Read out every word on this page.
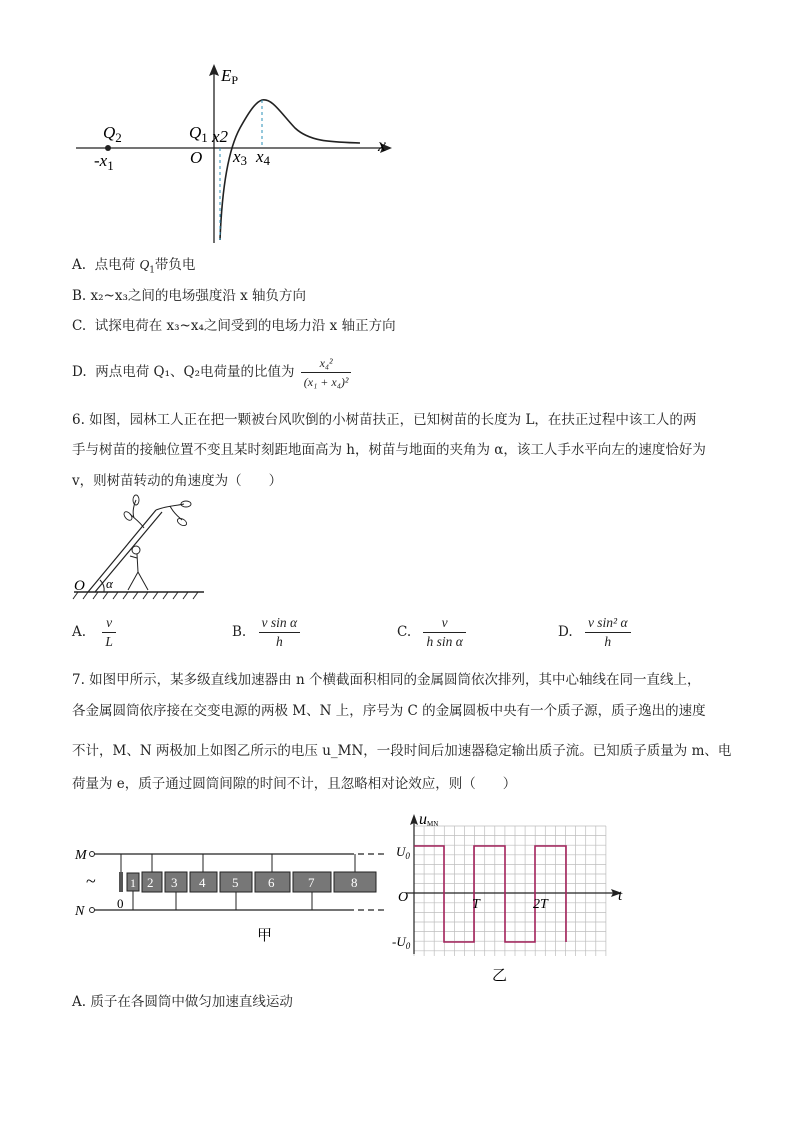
EP
x
$Q_2$
$-x_1$
$Q_1$ x2
O x3 x4
A. 点电荷 $Q_1$带负电
B. x₂~x₃之间的电场强度沿 x 轴负方向
C. 试探电荷在 x₃~x₄之间受到的电场力沿 x 轴正方向
D. 两点电荷 Q₁、Q₂电荷量的比值为 $\frac{\text{x₄²}}{\text{(x₁ + x₄)²}}$
6. 如图，园林工人正在把一颗被台风吹倒的小树苗扶正，已知树苗的长度为 L，在扶正过程中该工人的两
手与树苗的接触位置不变且某时刻距地面高为 h，树苗与地面的夹角为 α，该工人手水平向左的速度恰好为
v，则树苗转动的角速度为（　　）
O α
A. $\frac{v}{L}$	B. $\frac{\text{v sin α}}{h}$	C. $\frac{v}{\text{h sin α}}$	D. $\frac{\text{v sin² α}}{h}$
7. 如图甲所示，某多级直线加速器由 n 个横截面积相同的金属圆筒依次排列，其中心轴线在同一直线上，
各金属圆筒依序接在交变电源的两极 M、N 上，序号为 C 的金属圆板中央有一个质子源，质子逸出的速度
不计，M、N 两极加上如图乙所示的电压 u_MN，一段时间后加速器稳定输出质子流。已知质子质量为 m、电
荷量为 e，质子通过圆筒间隙的时间不计，且忽略相对论效应，则（　　）
1 2 3 4 5 6	7	8
M
N
~
0
甲
uMN
$U_0$
O
$-U_0$
t
T	2T
乙
A. 质子在各圆筒中做匀加速直线运动
